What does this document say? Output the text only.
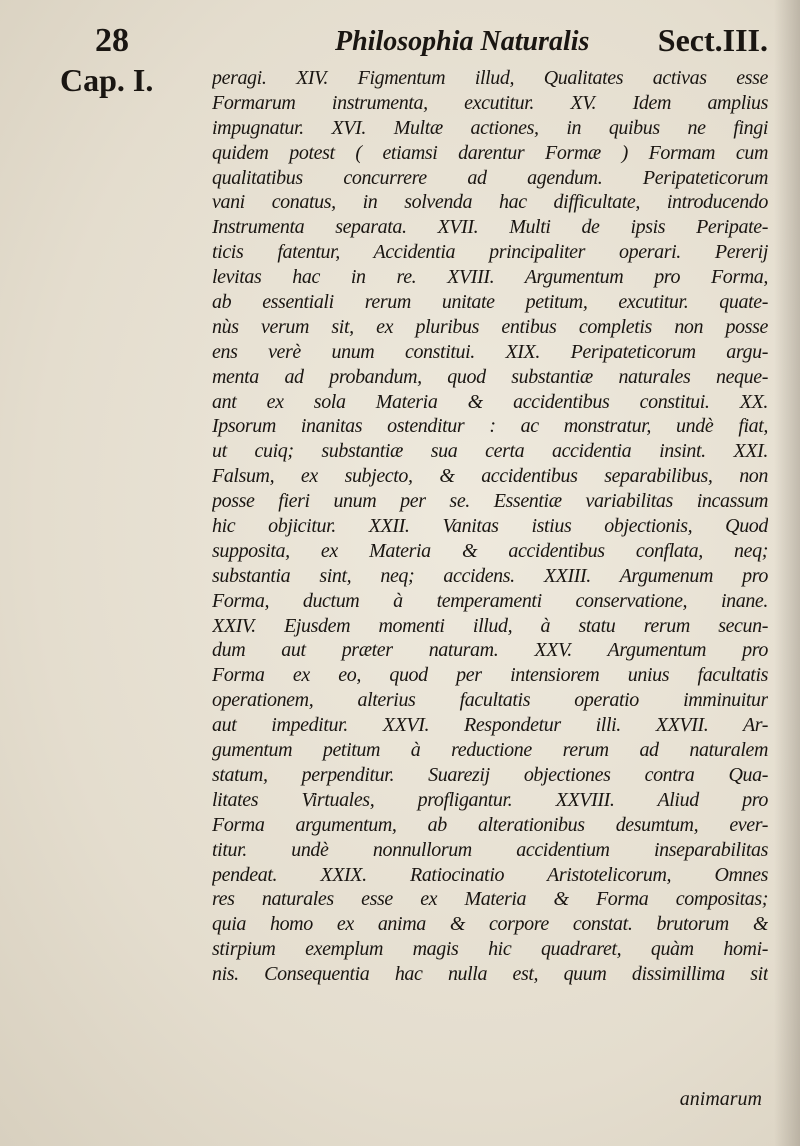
28	Philosophia Naturalis Sect.III.
Cap. I.	peragi. XIV. Figmentum illud, Qualitates activas esse
Formarum instrumenta, excutitur. XV. Idem amplius
impugnatur. XVI. Multæ actiones, in quibus ne fingi
quidem potest ( etiamsi darentur Formæ ) Formam cum
qualitatibus concurrere ad agendum. Peripateticorum
vani conatus, in solvenda hac difficultate, introducendo
Instrumenta separata. XVII. Multi de ipsis Peripate-
ticis fatentur, Accidentia principaliter operari. Pererij
levitas hac in re. XVIII. Argumentum pro Forma,
ab essentiali rerum unitate petitum, excutitur. quate-
nùs verum sit, ex pluribus entibus completis non posse
ens verè unum constitui. XIX. Peripateticorum argu-
menta ad probandum, quod substantiæ naturales neque-
ant ex sola Materia & accidentibus constitui. XX.
Ipsorum inanitas ostenditur : ac monstratur, undè fiat,
ut cuiq; substantiæ sua certa accidentia insint. XXI.
Falsum, ex subjecto, & accidentibus separabilibus, non
posse fieri unum per se. Essentiæ variabilitas incassum
hic objicitur. XXII. Vanitas istius objectionis, Quod
supposita, ex Materia & accidentibus conflata, neq;
substantia sint, neq; accidens. XXIII. Argumenum pro
Forma, ductum à temperamenti conservatione, inane.
XXIV. Ejusdem momenti illud, à statu rerum secun-
dum aut præter naturam. XXV. Argumentum pro
Forma ex eo, quod per intensiorem unius facultatis
operationem, alterius facultatis operatio imminuitur
aut impeditur. XXVI. Respondetur illi. XXVII. Ar-
gumentum petitum à reductione rerum ad naturalem
statum, perpenditur. Suarezij objectiones contra Qua-
litates Virtuales, profligantur. XXVIII. Aliud pro
Forma argumentum, ab alterationibus desumtum, ever-
titur. undè nonnullorum accidentium inseparabilitas
pendeat. XXIX. Ratiocinatio Aristotelicorum, Omnes
res naturales esse ex Materia & Forma compositas;
quia homo ex anima & corpore constat. brutorum &
stirpium exemplum magis hic quadraret, quàm homi-
nis. Consequentia hac nulla est, quum dissimillima sit
animarum
